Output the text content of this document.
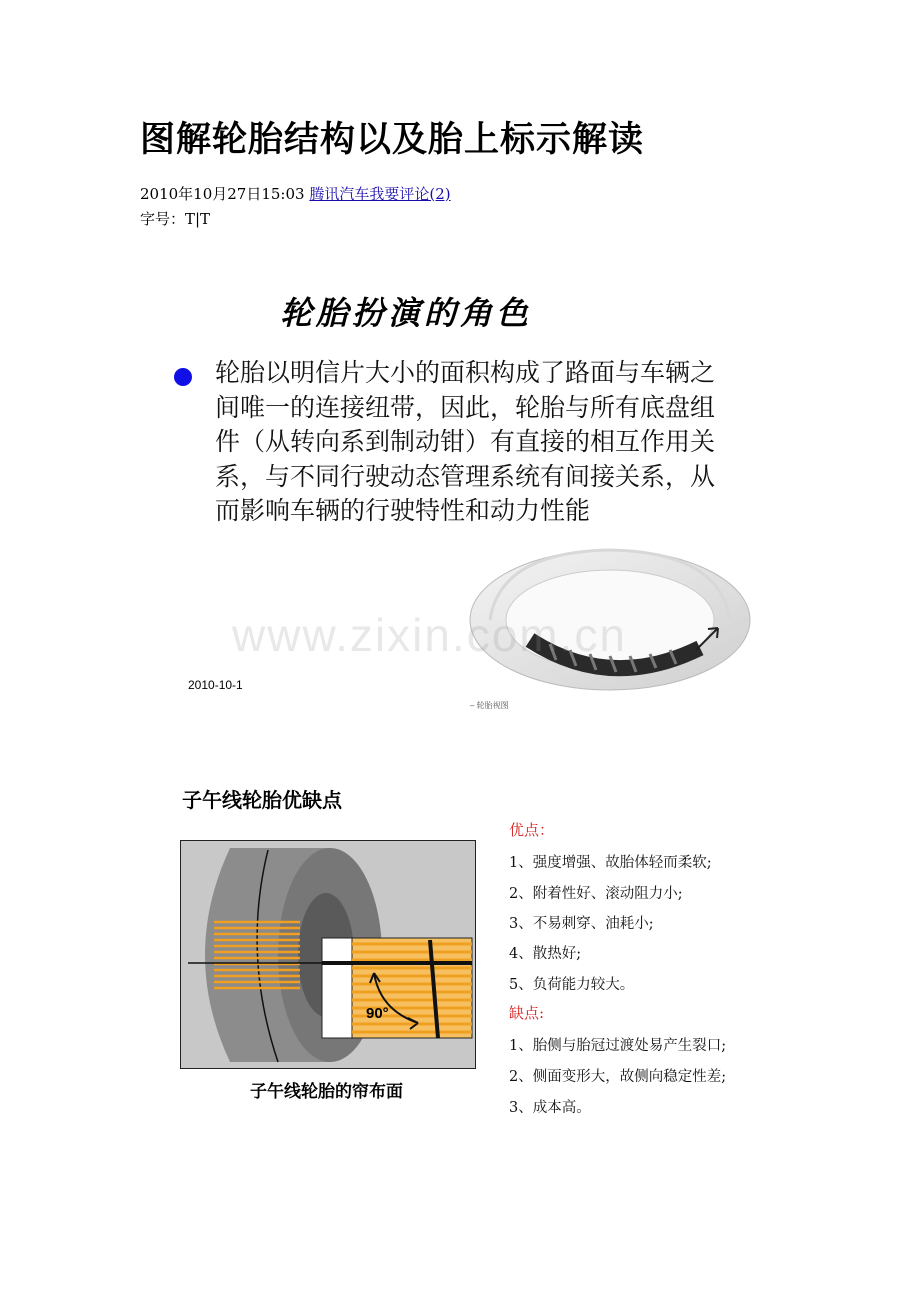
图解轮胎结构以及胎上标示解读
2010年10月27日15:03 腾讯汽车我要评论(2)
字号：T|T
轮胎扮演的角色
轮胎以明信片大小的面积构成了路面与车辆之间唯一的连接纽带，因此，轮胎与所有底盘组件（从转向系到制动钳）有直接的相互作用关系，与不同行驶动态管理系统有间接关系，从而影响车辆的行驶特性和动力性能
www.zixin.com.cn
2010-10-1
– 轮胎视图
子午线轮胎优缺点
90°
子午线轮胎的帘布面
优点：
1、强度增强、故胎体轻而柔软;
2、附着性好、滚动阻力小;
3、不易刺穿、油耗小;
4、散热好;
5、负荷能力较大。
缺点:
1、胎侧与胎冠过渡处易产生裂口;
2、侧面变形大，故侧向稳定性差;
3、成本高。
